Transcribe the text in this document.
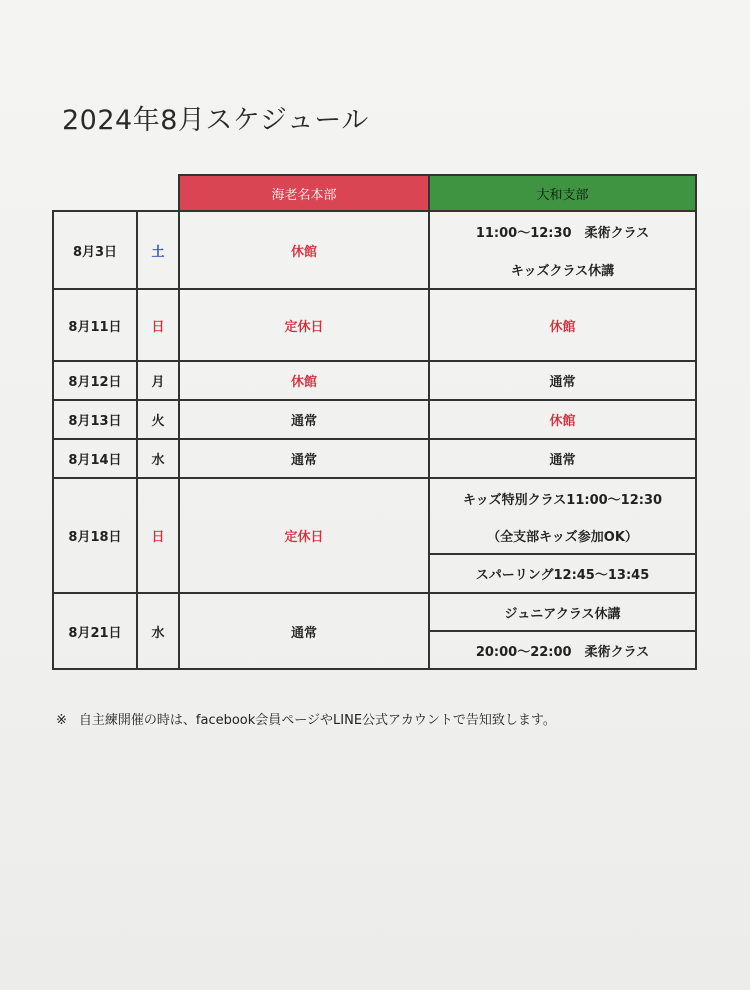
2024年8月スケジュール
		海老名本部	大和支部
8月3日	土	休館	11:00〜12:30　柔術クラス
			キッズクラス休講
8月11日	日	定休日	休館
8月12日	月	休館	通常
8月13日	火	通常	休館
8月14日	水	通常	通常
8月18日	日	定休日	キッズ特別クラス11:00〜12:30
			（全支部キッズ参加OK）
			スパーリング12:45〜13:45
8月21日	水	通常	ジュニアクラス休講
			20:00〜22:00　柔術クラス
※ 自主練開催の時は、facebook会員ページやLINE公式アカウントで告知致します。
